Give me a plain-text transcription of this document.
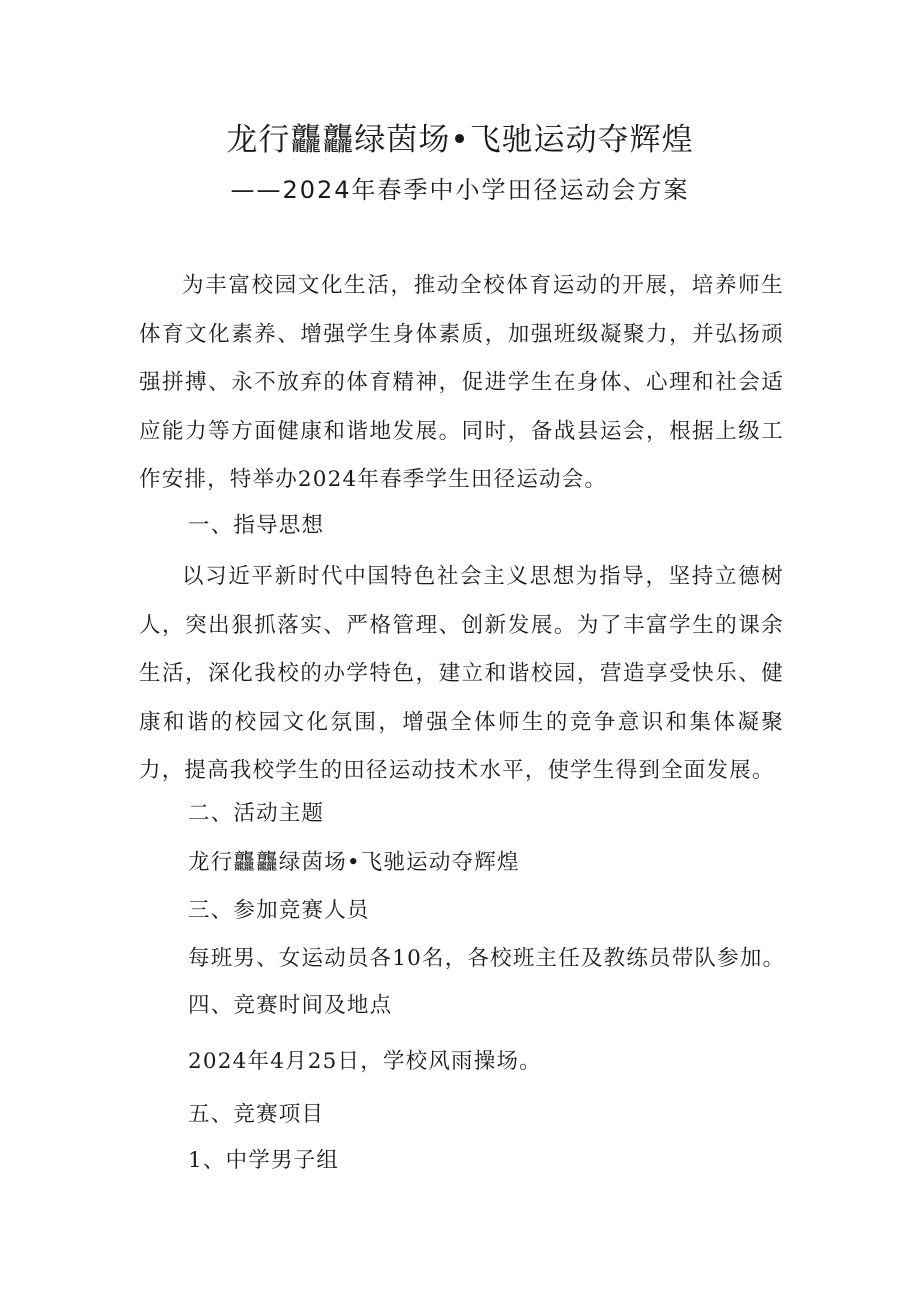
龙行龘龘绿茵场•飞驰运动夺辉煌
——2024年春季中小学田径运动会方案

为丰富校园文化生活，推动全校体育运动的开展，培养师生体育文化素养、增强学生身体素质，加强班级凝聚力，并弘扬顽强拼搏、永不放弃的体育精神，促进学生在身体、心理和社会适应能力等方面健康和谐地发展。同时，备战县运会，根据上级工作安排，特举办2024年春季学生田径运动会。

一、指导思想

以习近平新时代中国特色社会主义思想为指导，坚持立德树人，突出狠抓落实、严格管理、创新发展。为了丰富学生的课余生活，深化我校的办学特色，建立和谐校园，营造享受快乐、健康和谐的校园文化氛围，增强全体师生的竞争意识和集体凝聚力，提高我校学生的田径运动技术水平，使学生得到全面发展。

二、活动主题
龙行龘龘绿茵场•飞驰运动夺辉煌
三、参加竞赛人员
每班男、女运动员各10名，各校班主任及教练员带队参加。
四、竞赛时间及地点
2024年4月25日，学校风雨操场。
五、竞赛项目
1、中学男子组
